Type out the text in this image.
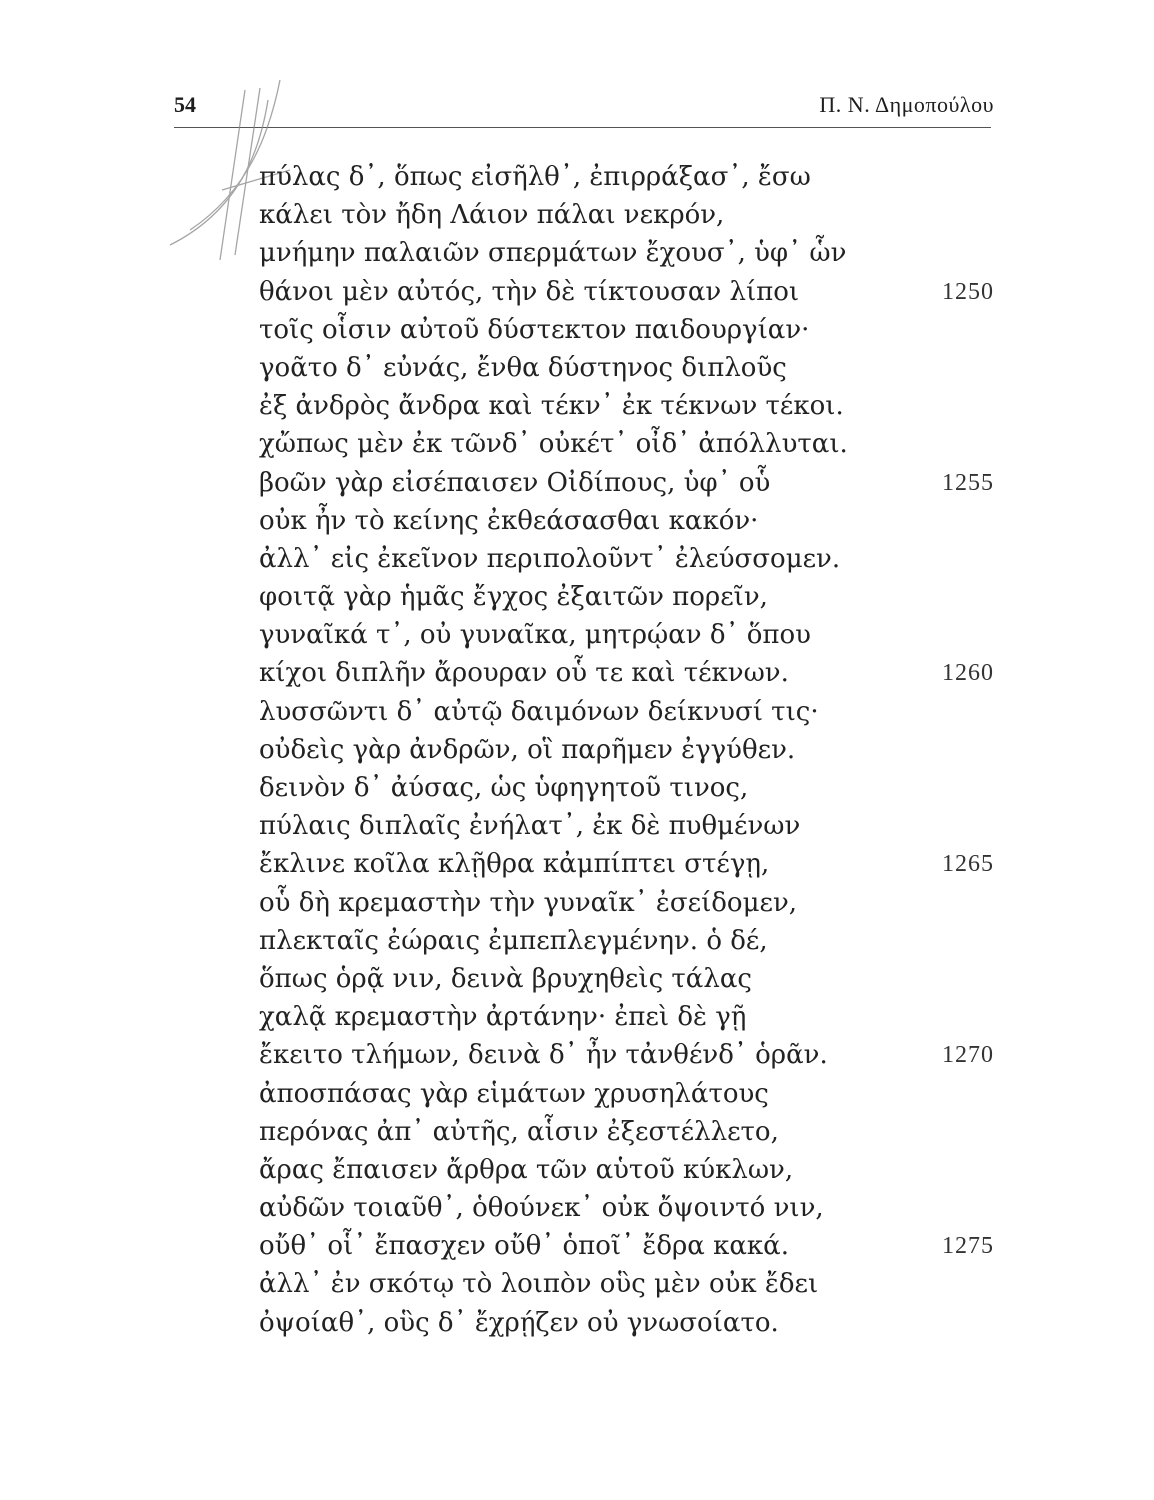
54	Π. Ν. Δημοπούλου
πύλας δ᾽, ὅπως εἰσῆλθ᾽, ἐπιρράξασ᾽, ἔσω
κάλει τὸν ἤδη Λάιον πάλαι νεκρόν,
μνήμην παλαιῶν σπερμάτων ἔχουσ᾽, ὑφ᾽ ὧν
θάνοι μὲν αὐτός, τὴν δὲ τίκτουσαν λίποι	1250
τοῖς οἷσιν αὐτοῦ δύστεκτον παιδουργίαν·
γοᾶτο δ᾽ εὐνάς, ἔνθα δύστηνος διπλοῦς
ἐξ ἀνδρὸς ἄνδρα καὶ τέκν᾽ ἐκ τέκνων τέκοι.
χὤπως μὲν ἐκ τῶνδ᾽ οὐκέτ᾽ οἶδ᾽ ἀπόλλυται.
βοῶν γὰρ εἰσέπαισεν Οἰδίπους, ὑφ᾽ οὗ	1255
οὐκ ἦν τὸ κείνης ἐκθεάσασθαι κακόν·
ἀλλ᾽ εἰς ἐκεῖνον περιπολοῦντ᾽ ἐλεύσσομεν.
φοιτᾷ γὰρ ἡμᾶς ἔγχος ἐξαιτῶν πορεῖν,
γυναῖκά τ᾽, οὐ γυναῖκα, μητρῴαν δ᾽ ὅπου
κίχοι διπλῆν ἄρουραν οὗ τε καὶ τέκνων.	1260
λυσσῶντι δ᾽ αὐτῷ δαιμόνων δείκνυσί τις·
οὐδεὶς γὰρ ἀνδρῶν, οἳ παρῆμεν ἐγγύθεν.
δεινὸν δ᾽ ἀύσας, ὡς ὑφηγητοῦ τινος,
πύλαις διπλαῖς ἐνήλατ᾽, ἐκ δὲ πυθμένων
ἔκλινε κοῖλα κλῇθρα κἀμπίπτει στέγῃ,	1265
οὗ δὴ κρεμαστὴν τὴν γυναῖκ᾽ ἐσείδομεν,
πλεκταῖς ἐώραις ἐμπεπλεγμένην. ὁ δέ,
ὅπως ὁρᾷ νιν, δεινὰ βρυχηθεὶς τάλας
χαλᾷ κρεμαστὴν ἀρτάνην· ἐπεὶ δὲ γῇ
ἔκειτο τλήμων, δεινὰ δ᾽ ἦν τἀνθένδ᾽ ὁρᾶν.	1270
ἀποσπάσας γὰρ εἱμάτων χρυσηλάτους
περόνας ἀπ᾽ αὐτῆς, αἷσιν ἐξεστέλλετο,
ἄρας ἔπαισεν ἄρθρα τῶν αὑτοῦ κύκλων,
αὐδῶν τοιαῦθ᾽, ὁθούνεκ᾽ οὐκ ὄψοιντό νιν,
οὔθ᾽ οἷ᾽ ἔπασχεν οὔθ᾽ ὁποῖ᾽ ἔδρα κακά.	1275
ἀλλ᾽ ἐν σκότῳ τὸ λοιπὸν οὓς μὲν οὐκ ἔδει
ὀψοίαθ᾽, οὓς δ᾽ ἔχρῄζεν οὐ γνωσοίατο.
